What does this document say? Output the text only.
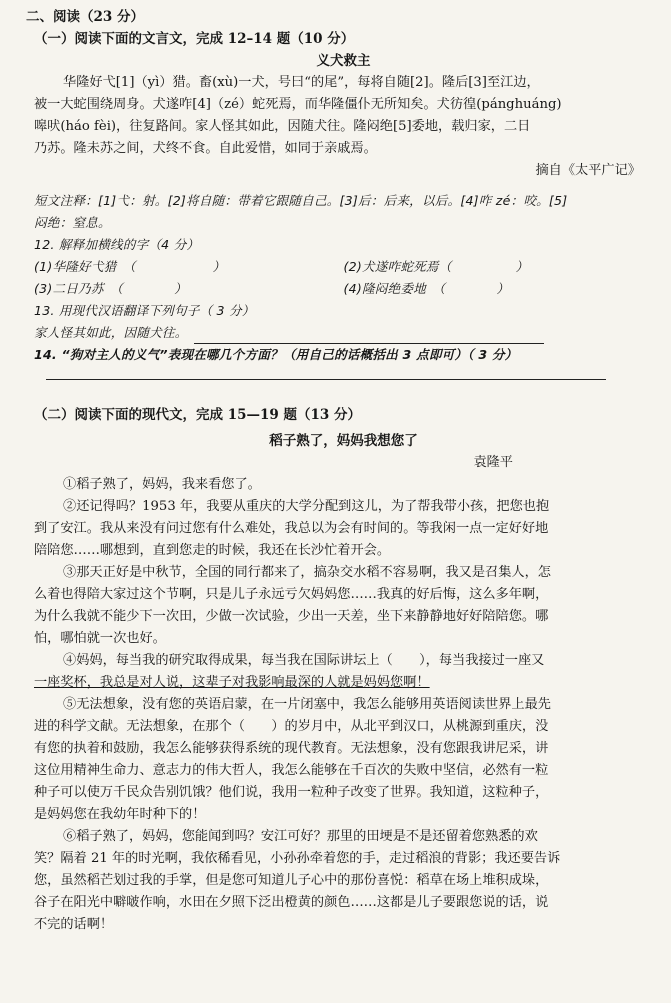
二、阅读（23 分）
（一）阅读下面的文言文，完成 12–14 题（10 分）
义犬救主
华隆好弋[1]（yì）猎。畜(xù)一犬，号曰“的尾”，每将自随[2]。隆后[3]至江边，
被一大蛇围绕周身。犬遂咋[4]（zé）蛇死焉，而华隆僵仆无所知矣。犬彷徨(pánghuáng)
嗥吠(háo fèi)，往复路间。家人怪其如此，因随犬往。隆闷绝[5]委地，载归家，二日
乃苏。隆未苏之间，犬终不食。自此爱惜，如同于亲戚焉。
摘自《太平广记》
短文注释：[1]弋：射。[2]将自随：带着它跟随自己。[3]后：后来，以后。[4]咋 zé：咬。[5]
闷绝：窒息。
12. 解释加横线的字（4 分）
(1)华隆好弋猎　（　　　　　　）	(2)犬遂咋蛇死焉（　　　　　）
(3)二日乃苏　（　　　　）	(4)隆闷绝委地　（　　　　）
13. 用现代汉语翻译下列句子（ 3 分）
家人怪其如此，因随犬往。
14. “狗对主人的义气”表现在哪几个方面？（用自己的话概括出 3 点即可）（ 3 分）
（二）阅读下面的现代文，完成 15—19 题（13 分）
稻子熟了，妈妈我想您了
袁隆平
①稻子熟了，妈妈，我来看您了。
②还记得吗？1953 年，我要从重庆的大学分配到这儿，为了帮我带小孩，把您也抱
到了安江。我从来没有问过您有什么难处，我总以为会有时间的。等我闲一点一定好好地
陪陪您……哪想到，直到您走的时候，我还在长沙忙着开会。
③那天正好是中秋节，全国的同行都来了，搞杂交水稻不容易啊，我又是召集人，怎
么着也得陪大家过这个节啊，只是儿子永远亏欠妈妈您……我真的好后悔，这么多年啊，
为什么我就不能少下一次田，少做一次试验，少出一天差，坐下来静静地好好陪陪您。哪
怕，哪怕就一次也好。
④妈妈，每当我的研究取得成果，每当我在国际讲坛上（　　），每当我接过一座又
一座奖杯，我总是对人说，这辈子对我影响最深的人就是妈妈您啊！
⑤无法想象，没有您的英语启蒙，在一片闭塞中，我怎么能够用英语阅读世界上最先
进的科学文献。无法想象，在那个（　　）的岁月中，从北平到汉口，从桃源到重庆，没
有您的执着和鼓励，我怎么能够获得系统的现代教育。无法想象，没有您跟我讲尼采，讲
这位用精神生命力、意志力的伟大哲人，我怎么能够在千百次的失败中坚信，必然有一粒
种子可以使万千民众告别饥饿？他们说，我用一粒种子改变了世界。我知道，这粒种子，
是妈妈您在我幼年时种下的！
⑥稻子熟了，妈妈，您能闻到吗？安江可好？那里的田埂是不是还留着您熟悉的欢
笑？隔着 21 年的时光啊，我依稀看见，小孙孙牵着您的手，走过稻浪的背影；我还要告诉
您，虽然稻芒划过我的手掌，但是您可知道儿子心中的那份喜悦：稻草在场上堆积成垛，
谷子在阳光中噼啵作响，水田在夕照下泛出橙黄的颜色……这都是儿子要跟您说的话，说
不完的话啊！
